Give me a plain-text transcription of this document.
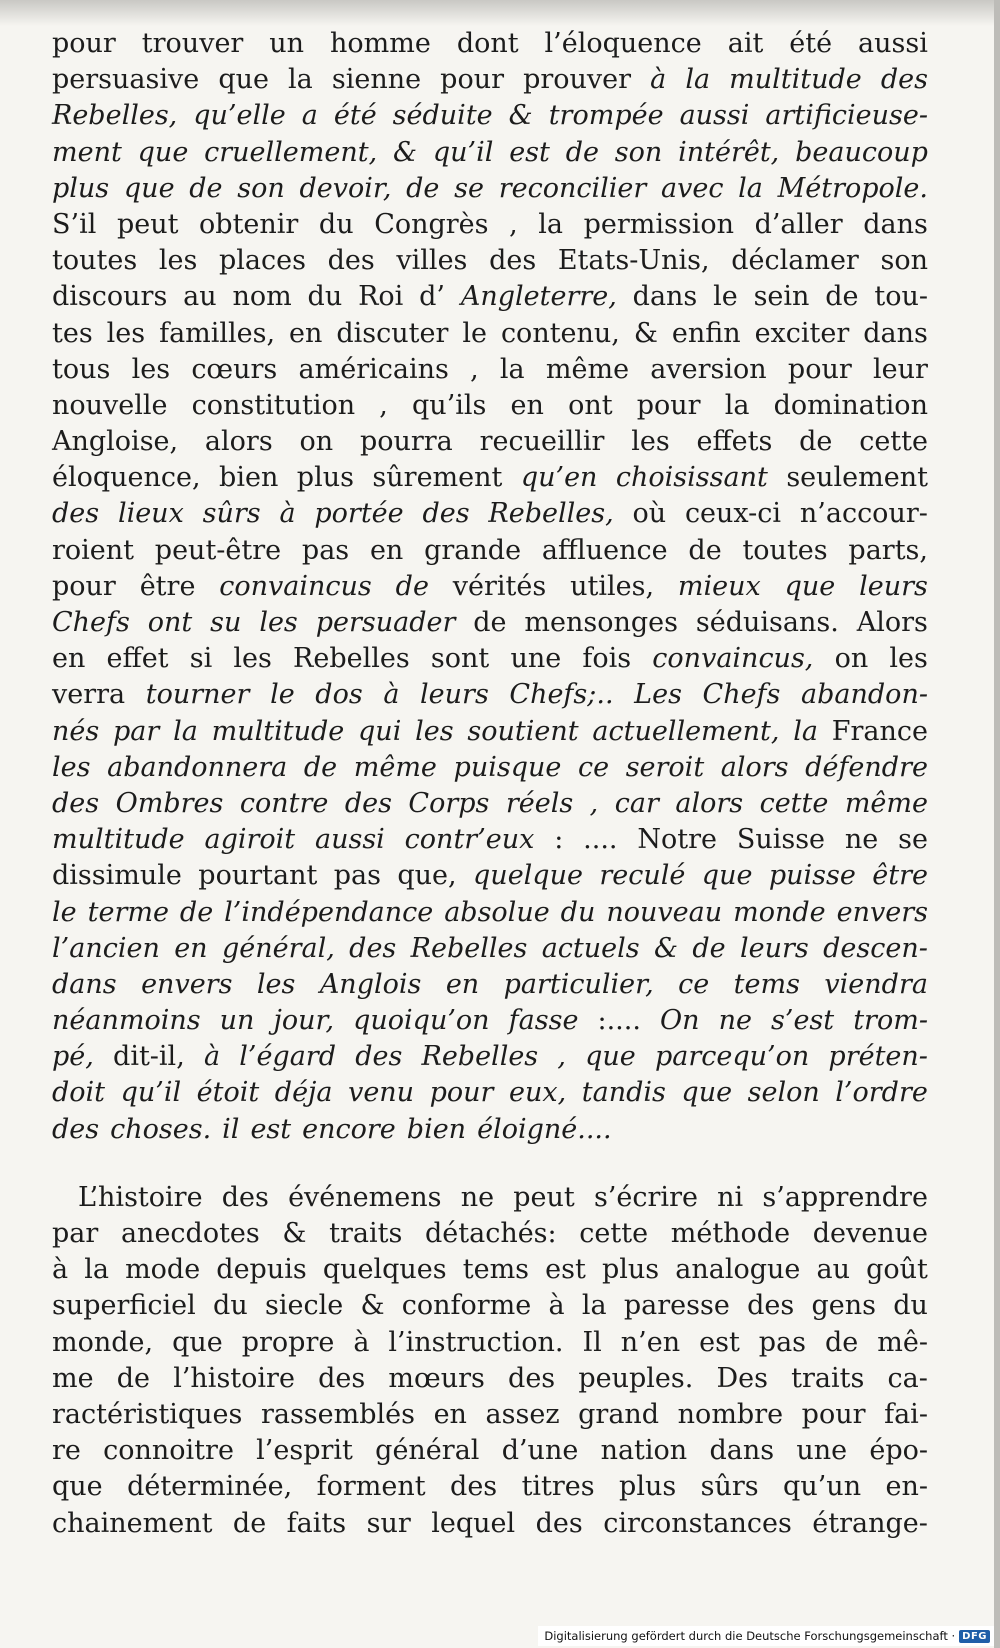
pour trouver un homme dont l’éloquence ait été aussi
persuasive que la sienne pour prouver à la multitude des
Rebelles, qu’elle a été séduite & trompée aussi artificieuse-
ment que cruellement, & qu’il est de son intérêt, beaucoup
plus que de son devoir, de se reconcilier avec la Métropole.
S’il peut obtenir du Congrès , la permission d’aller dans
toutes les places des villes des Etats-Unis, déclamer son
discours au nom du Roi d’ Angleterre, dans le sein de tou-
tes les familles, en discuter le contenu, & enfin exciter dans
tous les cœurs américains , la même aversion pour leur
nouvelle constitution , qu’ils en ont pour la domination
Angloise, alors on pourra recueillir les effets de cette
éloquence, bien plus sûrement qu’en choisissant seulement
des lieux sûrs à portée des Rebelles, où ceux-ci n’accour-
roient peut-être pas en grande affluence de toutes parts,
pour être convaincus de vérités utiles, mieux que leurs
Chefs ont su les persuader de mensonges séduisans. Alors
en effet si les Rebelles sont une fois convaincus, on les
verra tourner le dos à leurs Chefs;.. Les Chefs abandon-
nés par la multitude qui les soutient actuellement, la France
les abandonnera de même puisque ce seroit alors défendre
des Ombres contre des Corps réels , car alors cette même
multitude agiroit aussi contr’eux : .... Notre Suisse ne se
dissimule pourtant pas que, quelque reculé que puisse être
le terme de l’indépendance absolue du nouveau monde envers
l’ancien en général, des Rebelles actuels & de leurs descen-
dans envers les Anglois en particulier, ce tems viendra
néanmoins un jour, quoiqu’on fasse :.... On ne s’est trom-
pé, dit-il, à l’égard des Rebelles , que parcequ’on préten-
doit qu’il étoit déja venu pour eux, tandis que selon l’ordre
des choses. il est encore bien éloigné....
L’histoire des événemens ne peut s’écrire ni s’apprendre
par anecdotes & traits détachés: cette méthode devenue
à la mode depuis quelques tems est plus analogue au goût
superficiel du siecle & conforme à la paresse des gens du
monde, que propre à l’instruction. Il n’en est pas de mê-
me de l’histoire des mœurs des peuples. Des traits ca-
ractéristiques rassemblés en assez grand nombre pour fai-
re connoitre l’esprit général d’une nation dans une épo-
que déterminée, forment des titres plus sûrs qu’un en-
chainement de faits sur lequel des circonstances étrange-
Digitalisierung gefördert durch die Deutsche Forschungsgemeinschaft · DFG
